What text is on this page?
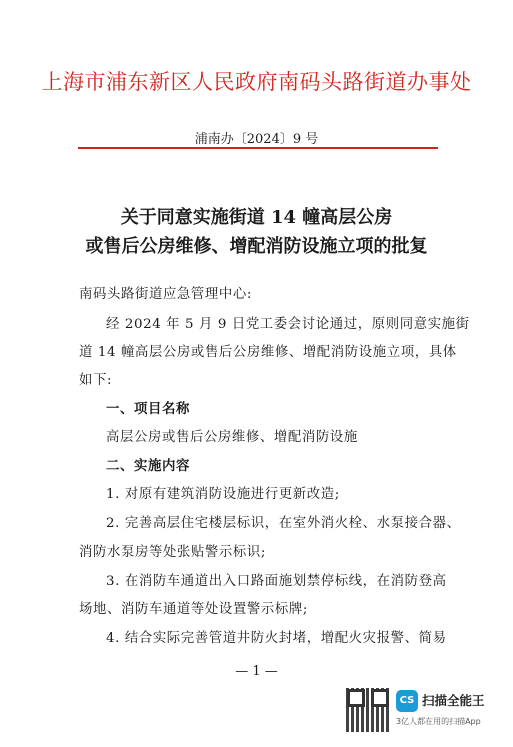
上海市浦东新区人民政府南码头路街道办事处
浦南办〔2024〕9 号
关于同意实施街道 14 幢高层公房
或售后公房维修、增配消防设施立项的批复
南码头路街道应急管理中心:
经 2024 年 5 月 9 日党工委会讨论通过，原则同意实施街
道 14 幢高层公房或售后公房维修、增配消防设施立项，具体
如下:
一、项目名称
高层公房或售后公房维修、增配消防设施
二、实施内容
1. 对原有建筑消防设施进行更新改造;
2. 完善高层住宅楼层标识，在室外消火栓、水泵接合器、
消防水泵房等处张贴警示标识;
3. 在消防车通道出入口路面施划禁停标线，在消防登高
场地、消防车通道等处设置警示标牌;
4. 结合实际完善管道井防火封堵，增配火灾报警、简易
— 1 —
CS 扫描全能王
3亿人都在用的扫描App
